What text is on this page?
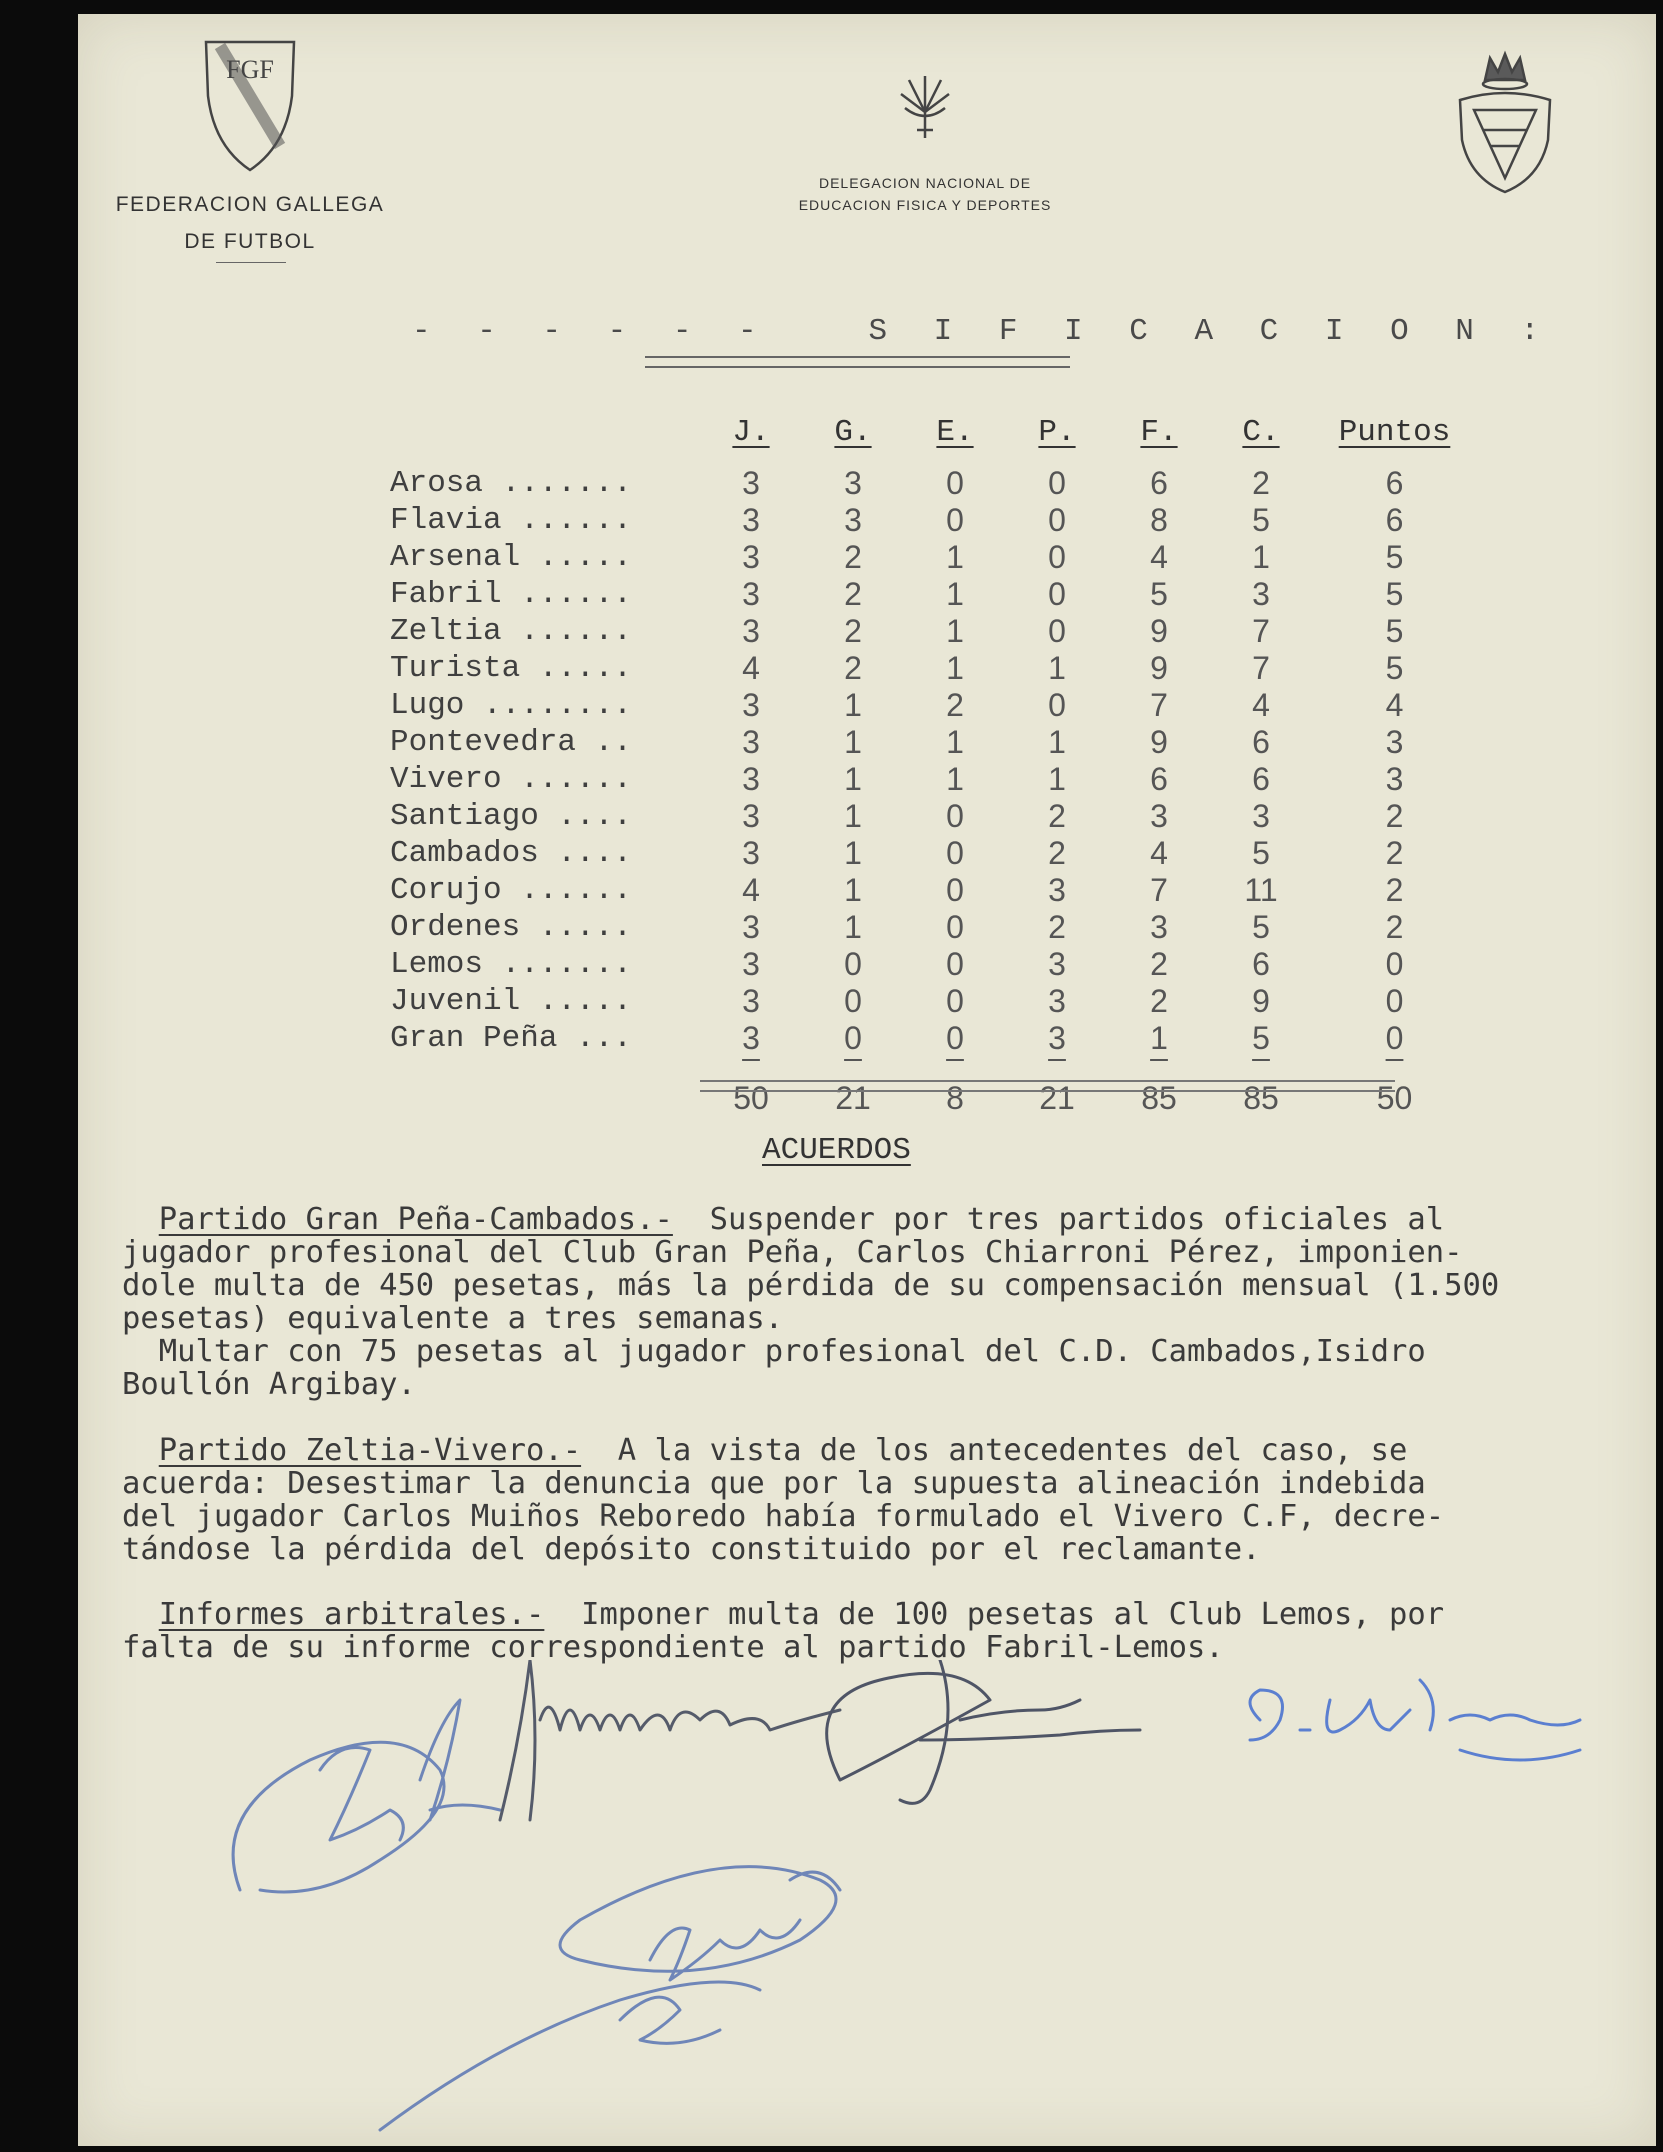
FGF
FEDERACION GALLEGA
DE FUTBOL
DELEGACION NACIONAL DE
EDUCACION FISICA Y DEPORTES
- - - - - -   S I F I C A C I O N :
	J.	G.	E.	P.	F.	C.	Puntos
Arosa .......	3	3	0	0	6	2	6
Flavia ......	3	3	0	0	8	5	6
Arsenal .....	3	2	1	0	4	1	5
Fabril ......	3	2	1	0	5	3	5
Zeltia ......	3	2	1	0	9	7	5
Turista .....	4	2	1	1	9	7	5
Lugo ........	3	1	2	0	7	4	4
Pontevedra ..	3	1	1	1	9	6	3
Vivero ......	3	1	1	1	6	6	3
Santiago ....	3	1	0	2	3	3	2
Cambados ....	3	1	0	2	4	5	2
Corujo ......	4	1	0	3	7	11	2
Ordenes .....	3	1	0	2	3	5	2
Lemos .......	3	0	0	3	2	6	0
Juvenil .....	3	0	0	3	2	9	0
Gran Peña ...	3	0	0	3	1	5	0
	50	21	8	21	85	85	50
ACUERDOS
Partido Gran Peña-Cambados.-  Suspender por tres partidos oficiales al
jugador profesional del Club Gran Peña, Carlos Chiarroni Pérez, imponien-
dole multa de 450 pesetas, más la pérdida de su compensación mensual (1.500
pesetas) equivalente a tres semanas.
Multar con 75 pesetas al jugador profesional del C.D. Cambados,Isidro
Boullón Argibay.
Partido Zeltia-Vivero.-  A la vista de los antecedentes del caso, se
acuerda: Desestimar la denuncia que por la supuesta alineación indebida
del jugador Carlos Muiños Reboredo había formulado el Vivero C.F, decre-
tándose la pérdida del depósito constituido por el reclamante.
Informes arbitrales.-  Imponer multa de 100 pesetas al Club Lemos, por
falta de su informe correspondiente al partido Fabril-Lemos.
